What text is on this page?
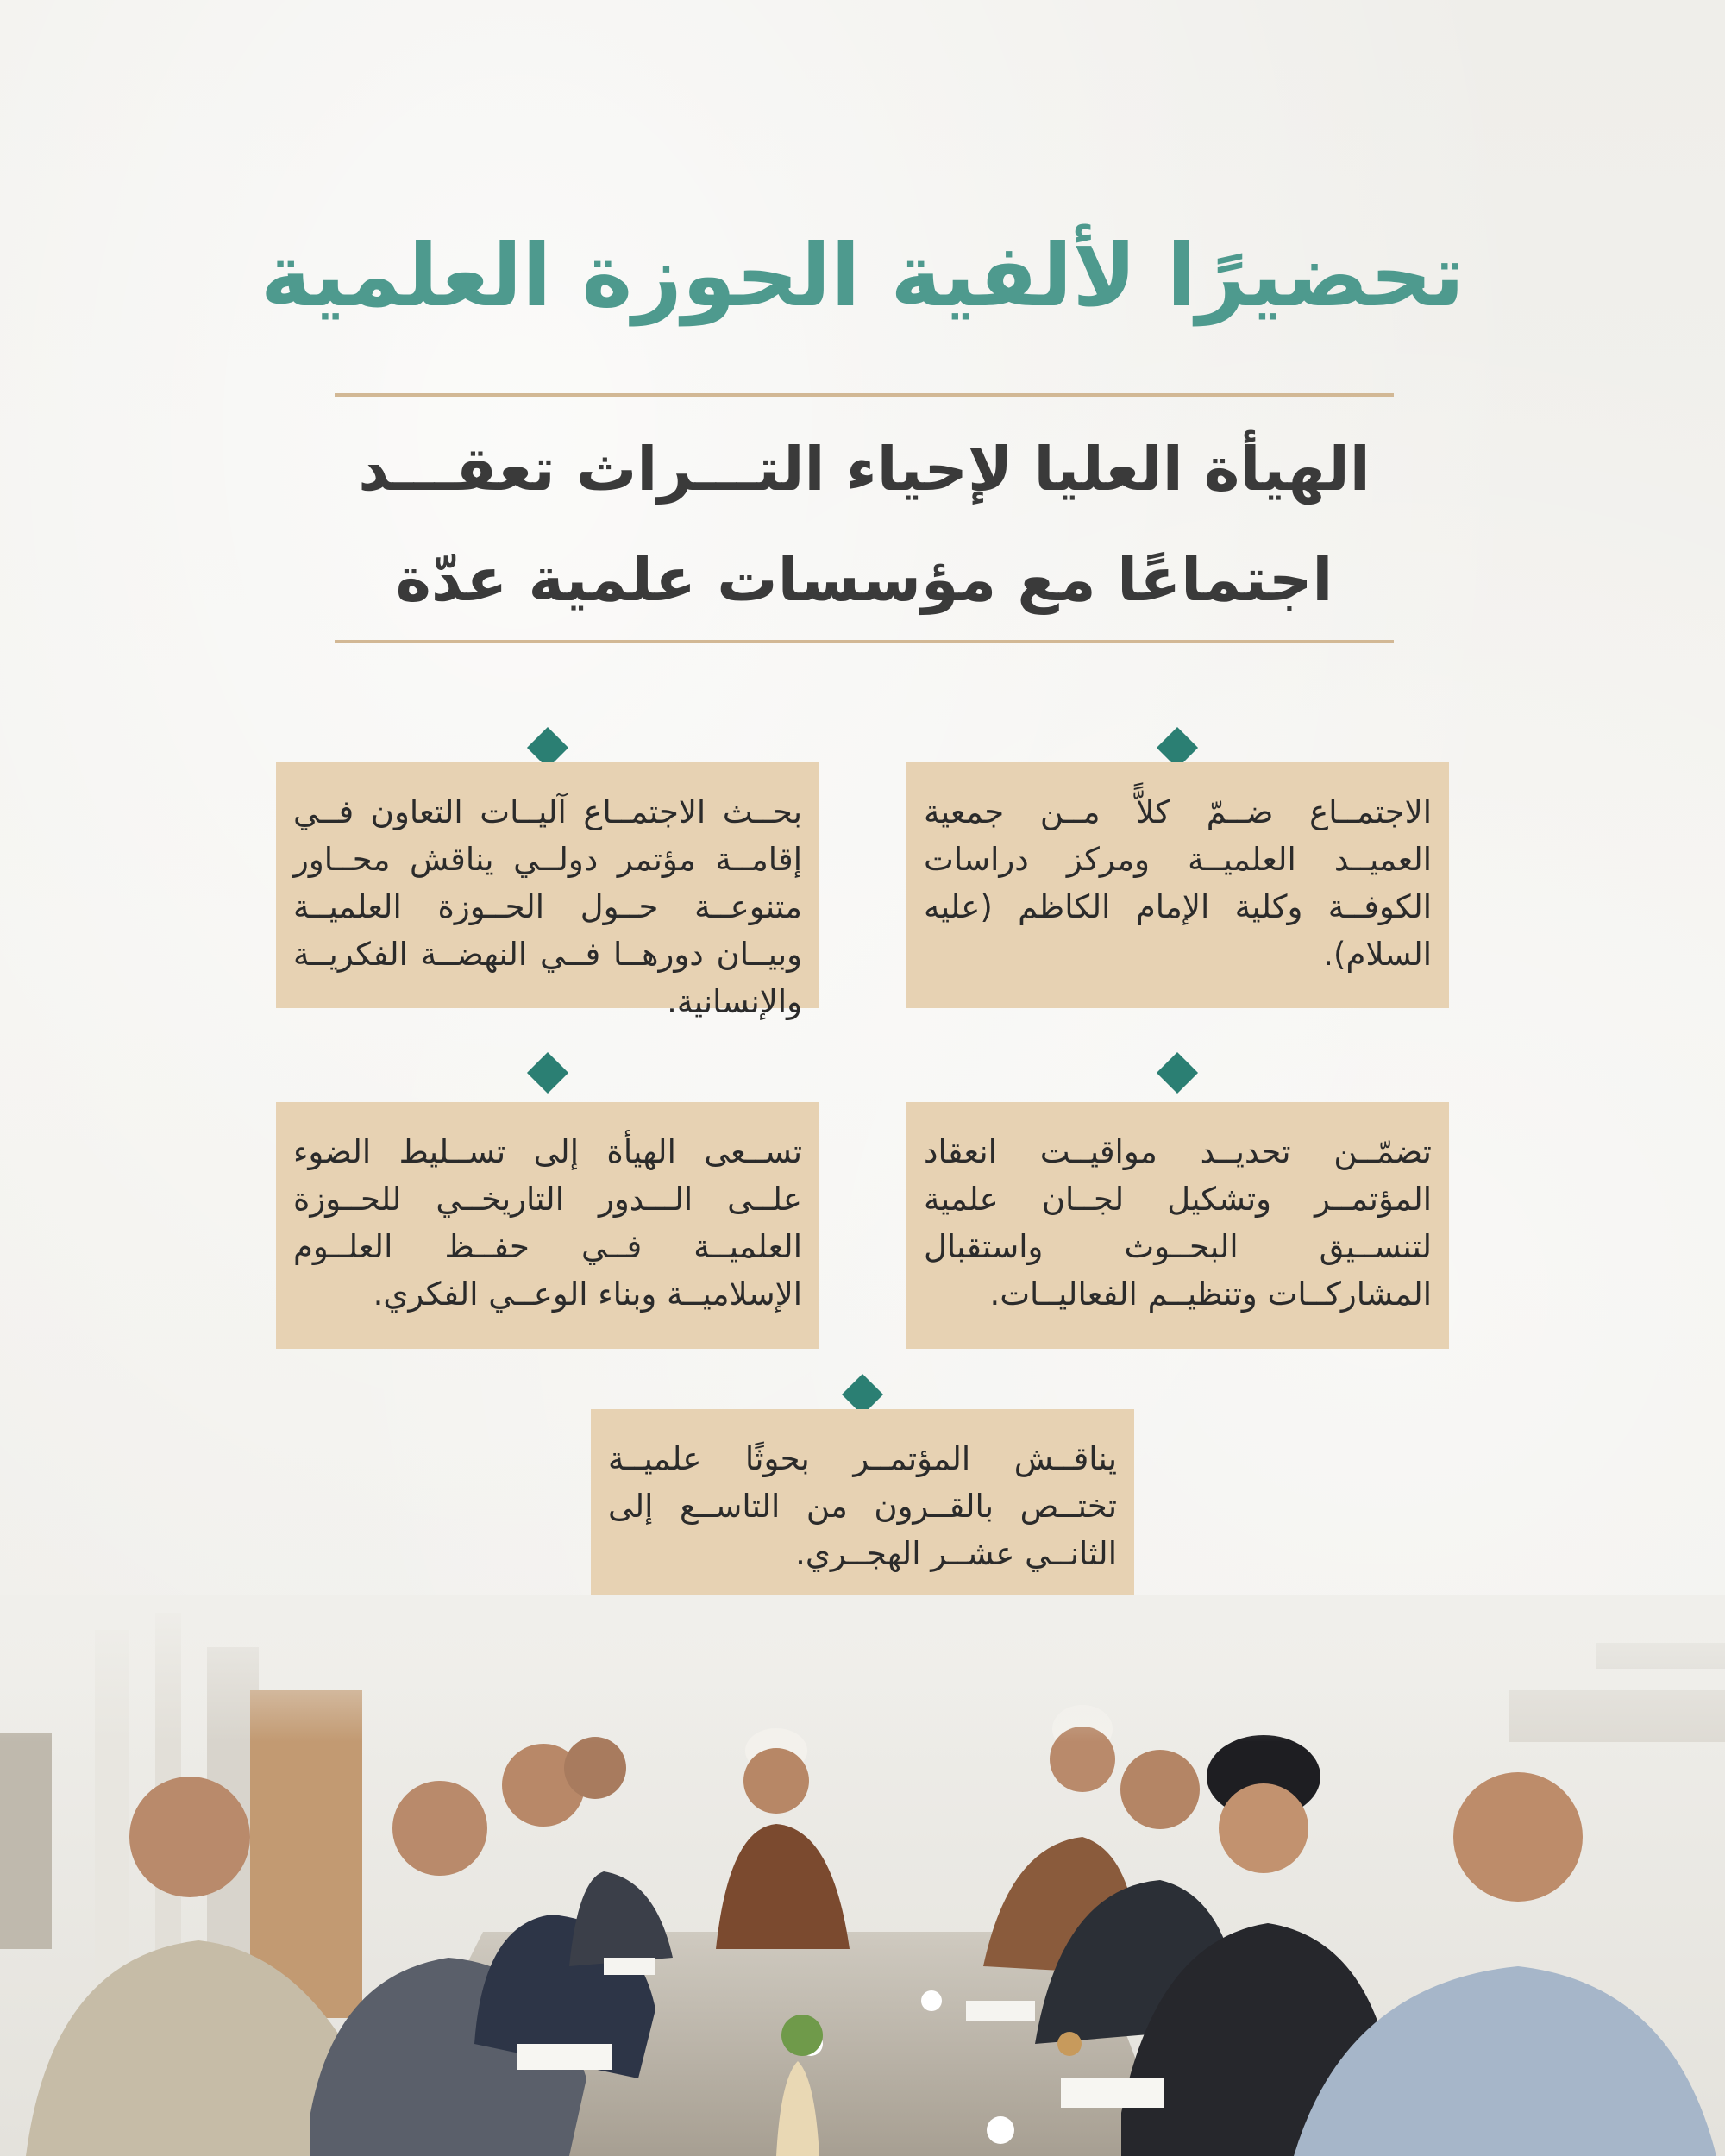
تحضيرًا لألفية الحوزة العلمية
الهيأة العليا لإحياء التـــراث تعقـــد
اجتماعًا مع مؤسسات علمية عدّة

الاجتمــاع ضــمّ كلاًّ مــن جمعية العميــد العلميــة ومركز دراسات الكوفــة وكلية الإمام الكاظم (عليه السلام).

بحــث الاجتمــاع آليــات التعاون فــي إقامــة مؤتمر دولــي يناقش محــاور متنوعــة حــول الحــوزة العلميــة وبيــان دورهــا فــي النهضــة الفكريــة والإنسانية.

تضمّــن تحديــد مواقيــت انعقاد المؤتمــر وتشكيل لجــان علمية لتنســيق البحــوث واستقبال المشاركــات وتنظيــم الفعاليــات.

تســعى الهيأة إلى تســليط الضوء علــى الـــدور التاريخــي للحــوزة العلميــة فــي حفــظ العلــوم الإسلاميــة وبناء الوعــي الفكري.

يناقــش المؤتمــر بحوثًا علميــة تختــص بالقــرون من التاســع إلى الثانــي عشــر الهجــري.
